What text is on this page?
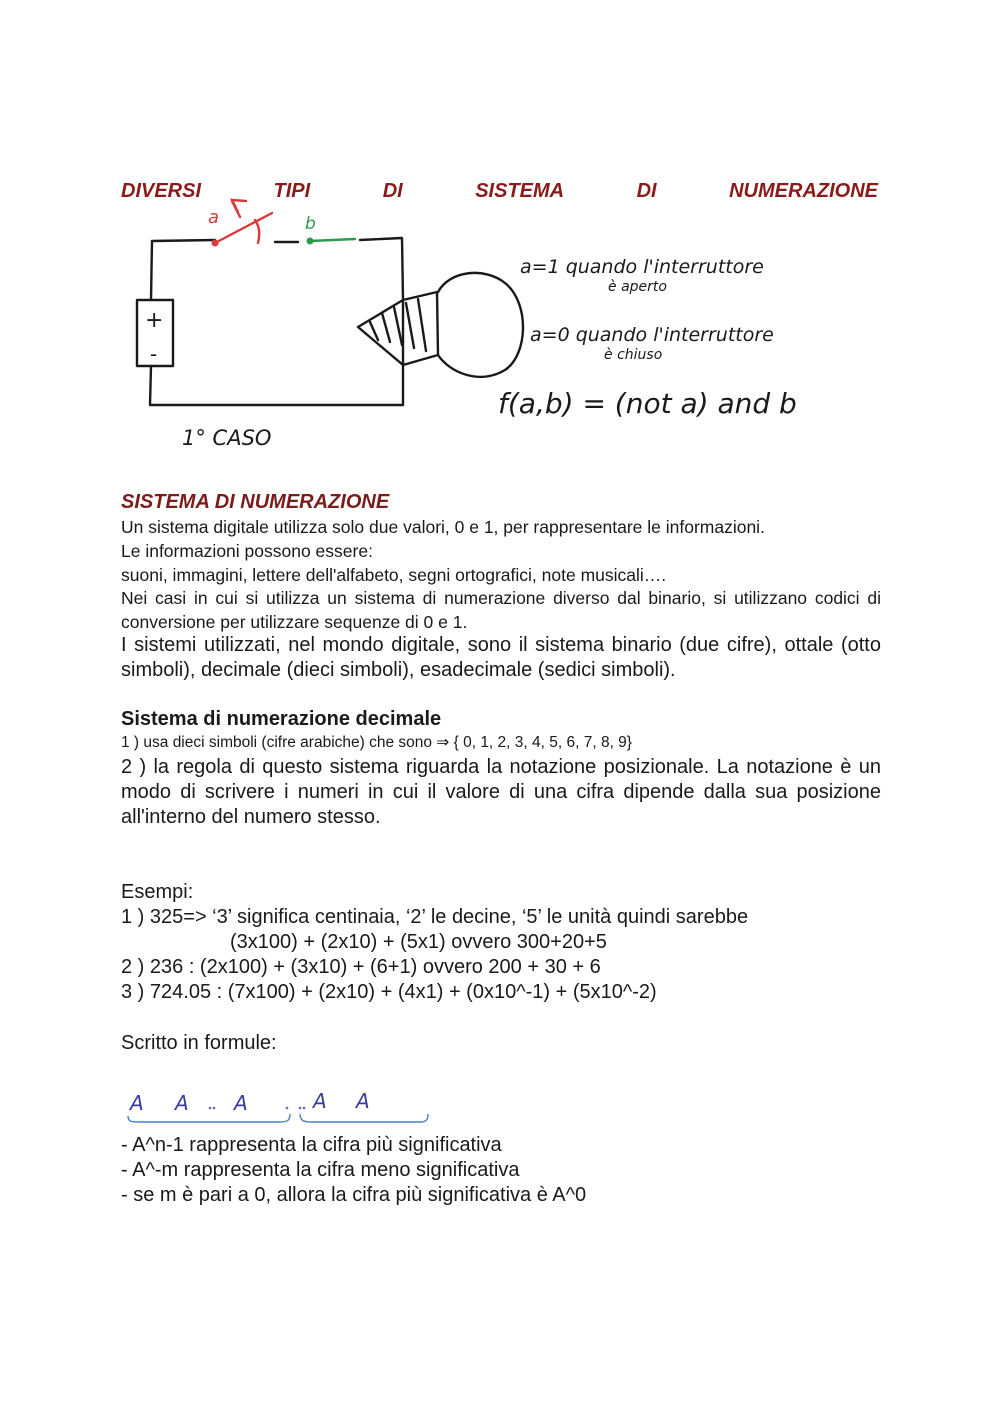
DIVERSI	TIPI	DI	SISTEMA	DI	NUMERAZIONE
a	b
+
-
1° CASO
a=1 quando l'interruttore
è aperto
a=0 quando l'interruttore
è chiuso
f(a,b) = (not a) and b
SISTEMA DI NUMERAZIONE
Un sistema digitale utilizza solo due valori, 0 e 1, per rappresentare le informazioni.
Le informazioni possono essere:
suoni, immagini, lettere dell'alfabeto, segni ortografici, note musicali….
Nei casi in cui si utilizza un sistema di numerazione diverso dal binario, si utilizzano codici di conversione per utilizzare sequenze di 0 e 1.
I sistemi utilizzati, nel mondo digitale, sono il sistema binario (due cifre), ottale (otto simboli), decimale (dieci simboli), esadecimale (sedici simboli).
Sistema di numerazione decimale
1 ) usa dieci simboli (cifre arabiche) che sono ⇒ { 0, 1, 2, 3, 4, 5, 6, 7, 8, 9}
2 ) la regola di questo sistema riguarda la notazione posizionale. La notazione è un modo di scrivere i numeri in cui il valore di una cifra dipende dalla sua posizione all'interno del numero stesso.
Esempi:
1 ) 325=> ‘3’ significa centinaia, ‘2’ le decine, ‘5’ le unità quindi sarebbe
(3x100) + (2x10) + (5x1) ovvero 300+20+5
2 ) 236 : (2x100) + (3x10) + (6+1) ovvero 200 + 30 + 6
3 ) 724.05 : (7x100) + (2x10) + (4x1) + (0x10^-1) + (5x10^-2)
Scritto in formule:
A A A	A A
- A^n-1 rappresenta la cifra più significativa
- A^-m rappresenta la cifra meno significativa
- se m è pari a 0, allora la cifra più significativa è A^0
